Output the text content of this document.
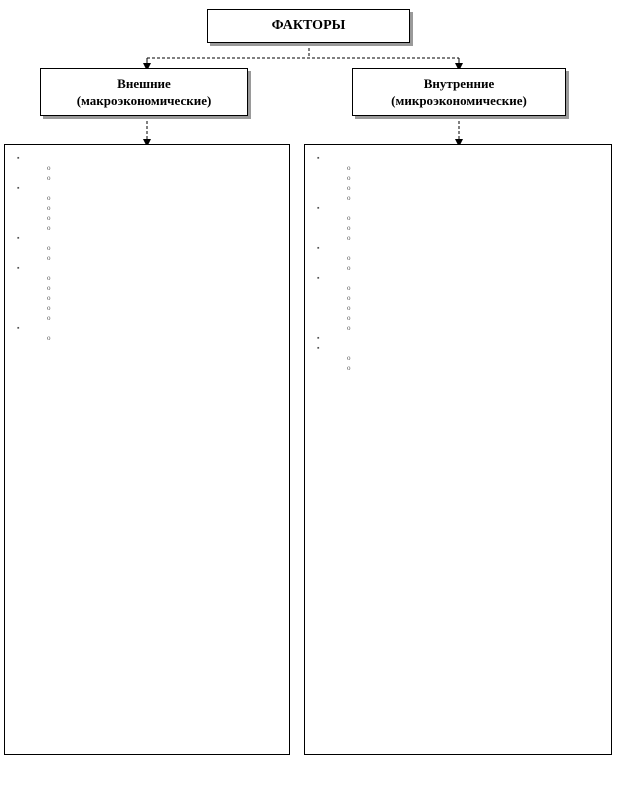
ФАКТОРЫ
Внешние
(макроэкономические)
Внутренние
(микроэкономические)
▪
o
o
▪
o
o
o
o
▪
o
o
▪
o
o
o
o
o
▪
o
▪
o
o
o
o
▪
o
o
o
▪
o
o
▪
o
o
o
o
o
▪
▪
o
o
